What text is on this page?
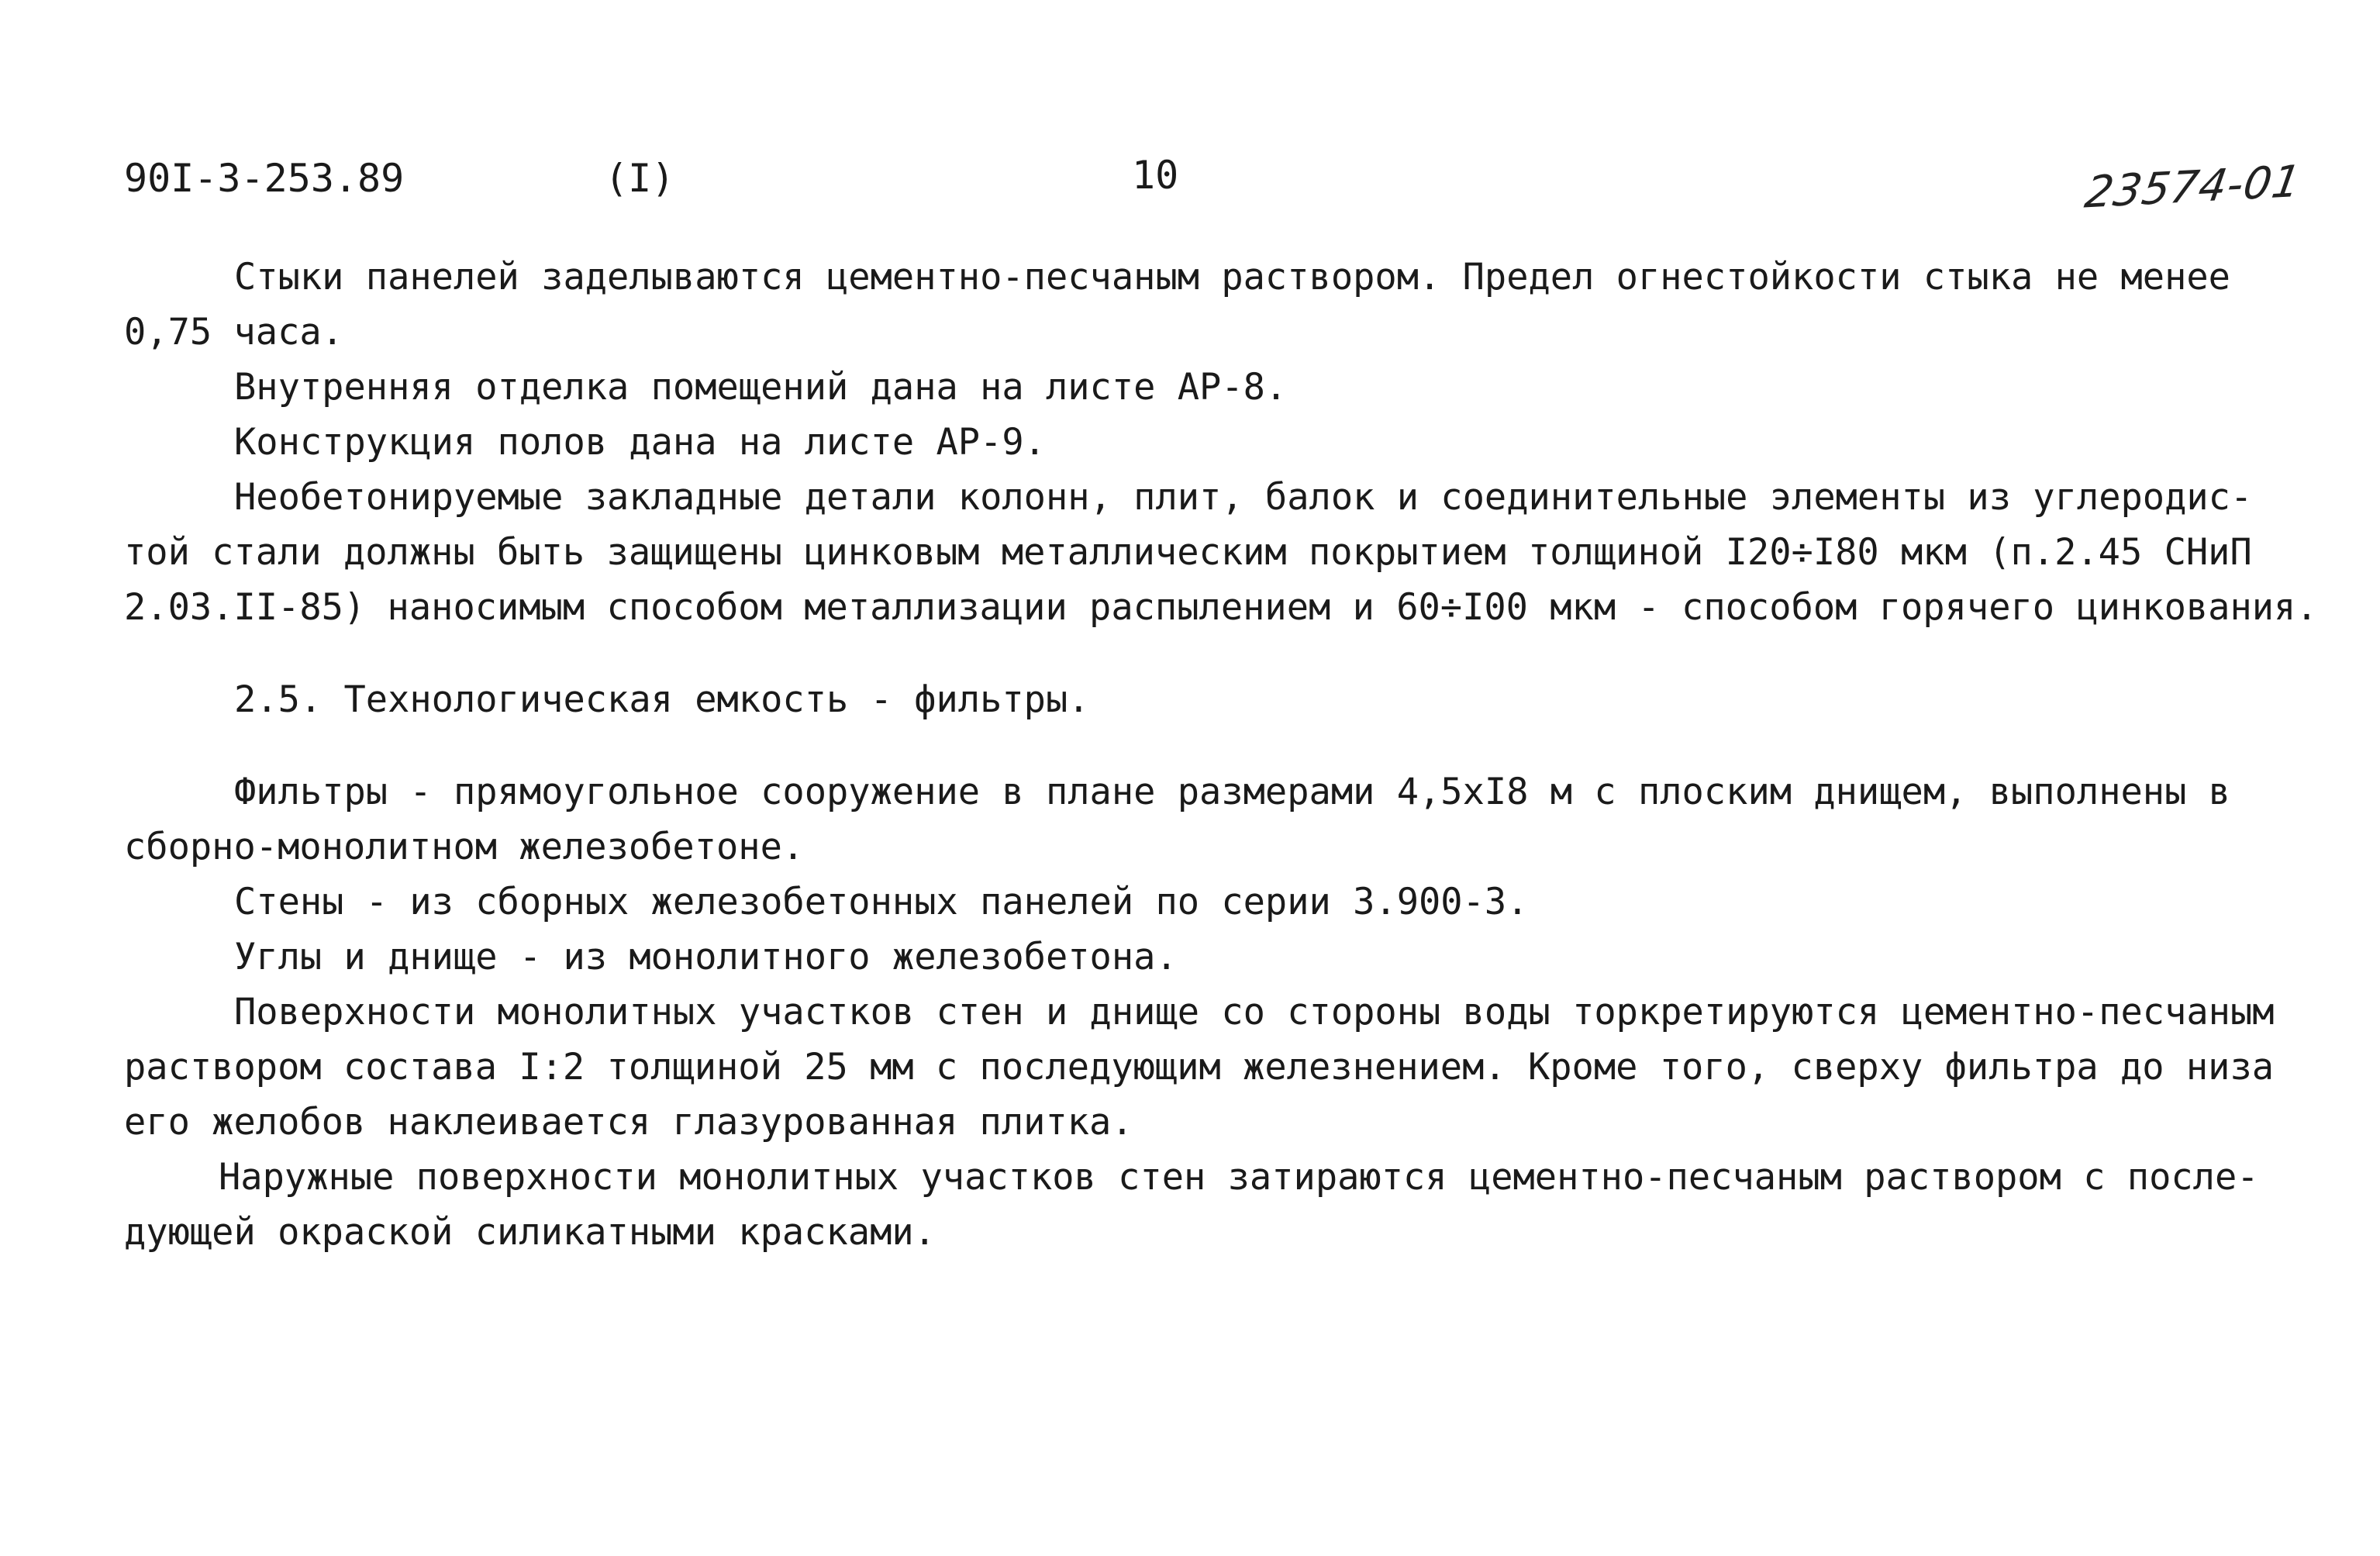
90I-3-253.89	(I)	10	23574-01
Стыки панелей заделываются цементно-песчаным раствором. Предел огнестойкости стыка не менее
0,75 часа.
Внутренняя отделка помещений дана на листе АР-8.
Конструкция полов дана на листе АР-9.
Необетонируемые закладные детали колонн, плит, балок и соединительные элементы из углеродис-
той стали должны быть защищены цинковым металлическим покрытием толщиной I20÷I80 мкм (п.2.45 СНиП
2.03.II-85) наносимым способом металлизации распылением и 60÷I00 мкм - способом горячего цинкования.
2.5. Технологическая емкость - фильтры.
Фильтры - прямоугольное сооружение в плане размерами 4,5xI8 м с плоским днищем, выполнены в
сборно-монолитном железобетоне.
Стены - из сборных железобетонных панелей по серии 3.900-3.
Углы и днище - из монолитного железобетона.
Поверхности монолитных участков стен и днище со стороны воды торкретируются цементно-песчаным
раствором состава I:2 толщиной 25 мм с последующим железнением. Кроме того, сверху фильтра до низа
его желобов наклеивается глазурованная плитка.
Наружные поверхности монолитных участков стен затираются цементно-песчаным раствором с после-
дующей окраской силикатными красками.
